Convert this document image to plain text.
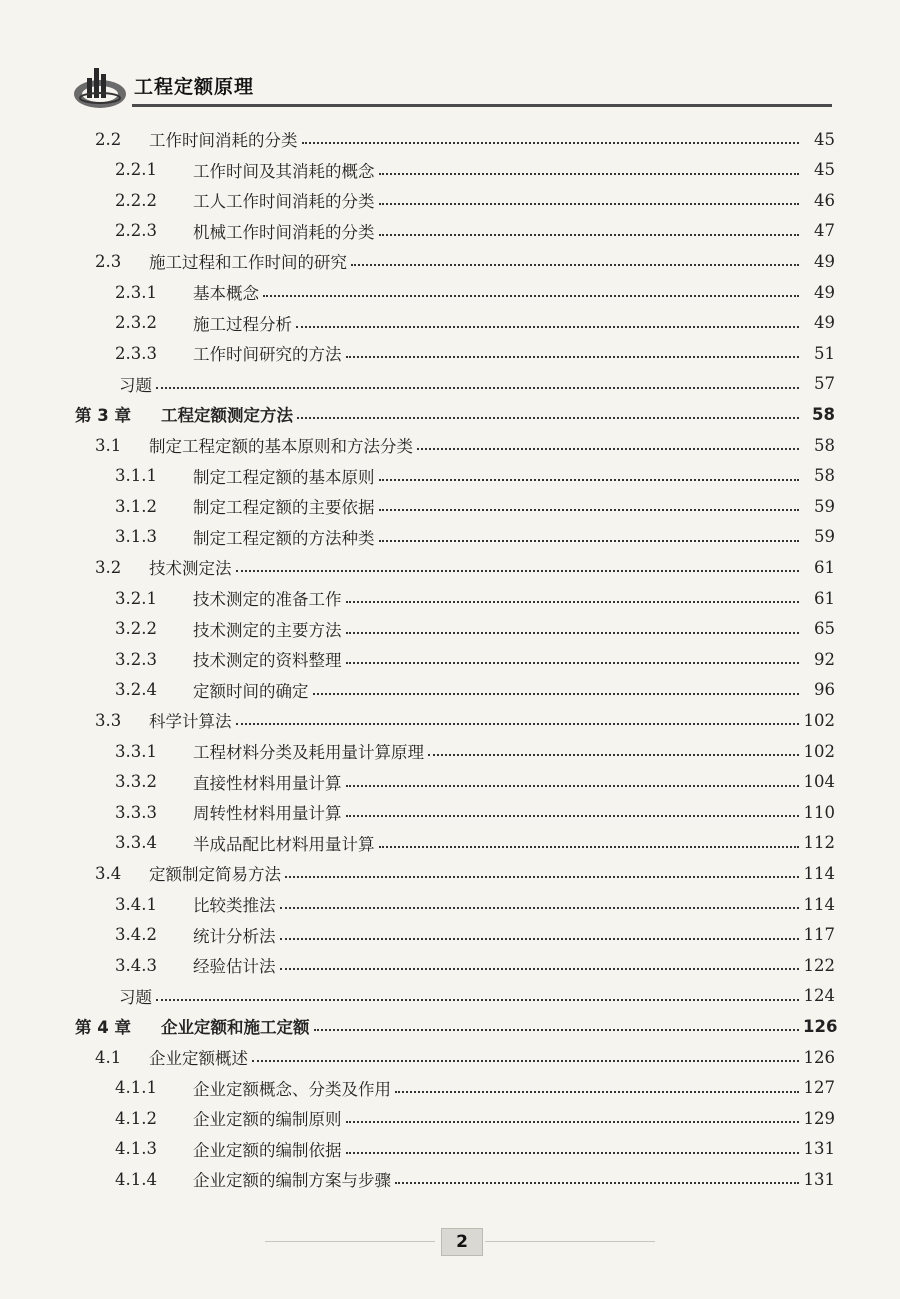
工程定额原理
2.2	工作时间消耗的分类	45
2.2.1	工作时间及其消耗的概念	45
2.2.2	工人工作时间消耗的分类	46
2.2.3	机械工作时间消耗的分类	47
2.3	施工过程和工作时间的研究	49
2.3.1	基本概念	49
2.3.2	施工过程分析	49
2.3.3	工作时间研究的方法	51
习题	57
第 3 章	工程定额测定方法	58
3.1	制定工程定额的基本原则和方法分类	58
3.1.1	制定工程定额的基本原则	58
3.1.2	制定工程定额的主要依据	59
3.1.3	制定工程定额的方法种类	59
3.2	技术测定法	61
3.2.1	技术测定的准备工作	61
3.2.2	技术测定的主要方法	65
3.2.3	技术测定的资料整理	92
3.2.4	定额时间的确定	96
3.3	科学计算法	102
3.3.1	工程材料分类及耗用量计算原理	102
3.3.2	直接性材料用量计算	104
3.3.3	周转性材料用量计算	110
3.3.4	半成品配比材料用量计算	112
3.4	定额制定简易方法	114
3.4.1	比较类推法	114
3.4.2	统计分析法	117
3.4.3	经验估计法	122
习题	124
第 4 章	企业定额和施工定额	126
4.1	企业定额概述	126
4.1.1	企业定额概念、分类及作用	127
4.1.2	企业定额的编制原则	129
4.1.3	企业定额的编制依据	131
4.1.4	企业定额的编制方案与步骤	131
2
